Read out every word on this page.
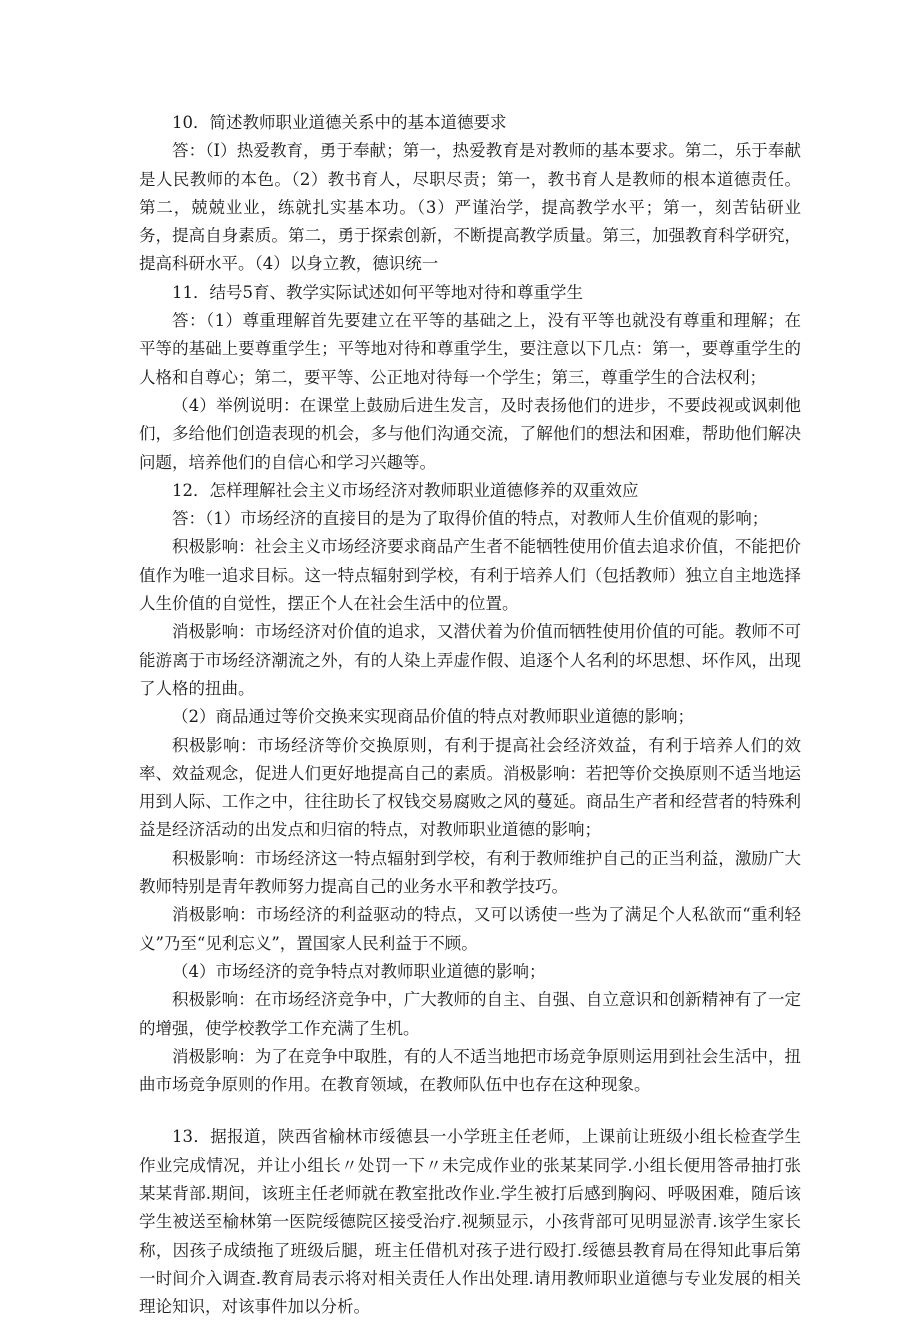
10．简述教师职业道德关系中的基本道德要求

答：（I）热爱教育，勇于奉献；第一，热爱教育是对教师的基本要求。第二，乐于奉献是人民教师的本色。（2）教书育人，尽职尽责；第一，教书育人是教师的根本道德责任。第二，兢兢业业，练就扎实基本功。（3）严谨治学，提高教学水平；第一，刻苦钻研业务，提高自身素质。第二，勇于探索创新，不断提高教学质量。第三，加强教育科学研究，提高科研水平。（4）以身立教，德识统一

11．结号5育、教学实际试述如何平等地对待和尊重学生

答：（1）尊重理解首先要建立在平等的基础之上，没有平等也就没有尊重和理解；在平等的基础上要尊重学生；平等地对待和尊重学生，要注意以下几点：第一，要尊重学生的人格和自尊心；第二，要平等、公正地对待每一个学生；第三，尊重学生的合法权利；

（4）举例说明：在课堂上鼓励后进生发言，及时表扬他们的进步，不要歧视或讽刺他们，多给他们创造表现的机会，多与他们沟通交流，了解他们的想法和困难，帮助他们解决问题，培养他们的自信心和学习兴趣等。

12．怎样理解社会主义市场经济对教师职业道德修养的双重效应

答：（1）市场经济的直接目的是为了取得价值的特点，对教师人生价值观的影响；

积极影响：社会主义市场经济要求商品产生者不能牺牲使用价值去追求价值，不能把价值作为唯一追求目标。这一特点辐射到学校，有利于培养人们（包括教师）独立自主地选择人生价值的自觉性，摆正个人在社会生活中的位置。

消极影响：市场经济对价值的追求，又潜伏着为价值而牺牲使用价值的可能。教师不可能游离于市场经济潮流之外，有的人染上弄虚作假、追逐个人名利的坏思想、坏作风，出现了人格的扭曲。

（2）商品通过等价交换来实现商品价值的特点对教师职业道德的影响；

积极影响：市场经济等价交换原则，有利于提高社会经济效益，有利于培养人们的效率、效益观念，促进人们更好地提高自己的素质。消极影响：若把等价交换原则不适当地运用到人际、工作之中，往往助长了权钱交易腐败之风的蔓延。商品生产者和经营者的特殊利益是经济活动的出发点和归宿的特点，对教师职业道德的影响；

积极影响：市场经济这一特点辐射到学校，有利于教师维护自己的正当利益，激励广大教师特别是青年教师努力提高自己的业务水平和教学技巧。

消极影响：市场经济的利益驱动的特点，又可以诱使一些为了满足个人私欲而“重利轻义”乃至“见利忘义”，置国家人民利益于不顾。

（4）市场经济的竞争特点对教师职业道德的影响；

积极影响：在市场经济竞争中，广大教师的自主、自强、自立意识和创新精神有了一定的增强，使学校教学工作充满了生机。

消极影响：为了在竞争中取胜，有的人不适当地把市场竞争原则运用到社会生活中，扭曲市场竞争原则的作用。在教育领域，在教师队伍中也存在这种现象。

13．据报道，陕西省榆林市绥德县一小学班主任老师，上课前让班级小组长检查学生作业完成情况，并让小组长〃处罚一下〃未完成作业的张某某同学.小组长便用答帚抽打张某某背部.期间，该班主任老师就在教室批改作业.学生被打后感到胸闷、呼吸困难，随后该学生被送至榆林第一医院绥德院区接受治疗.视频显示，小孩背部可见明显淤青.该学生家长称，因孩子成绩拖了班级后腿，班主任借机对孩子进行殴打.绥德县教育局在得知此事后第一时间介入调查.教育局表示将对相关责任人作出处理.请用教师职业道德与专业发展的相关理论知识，对该事件加以分析。
